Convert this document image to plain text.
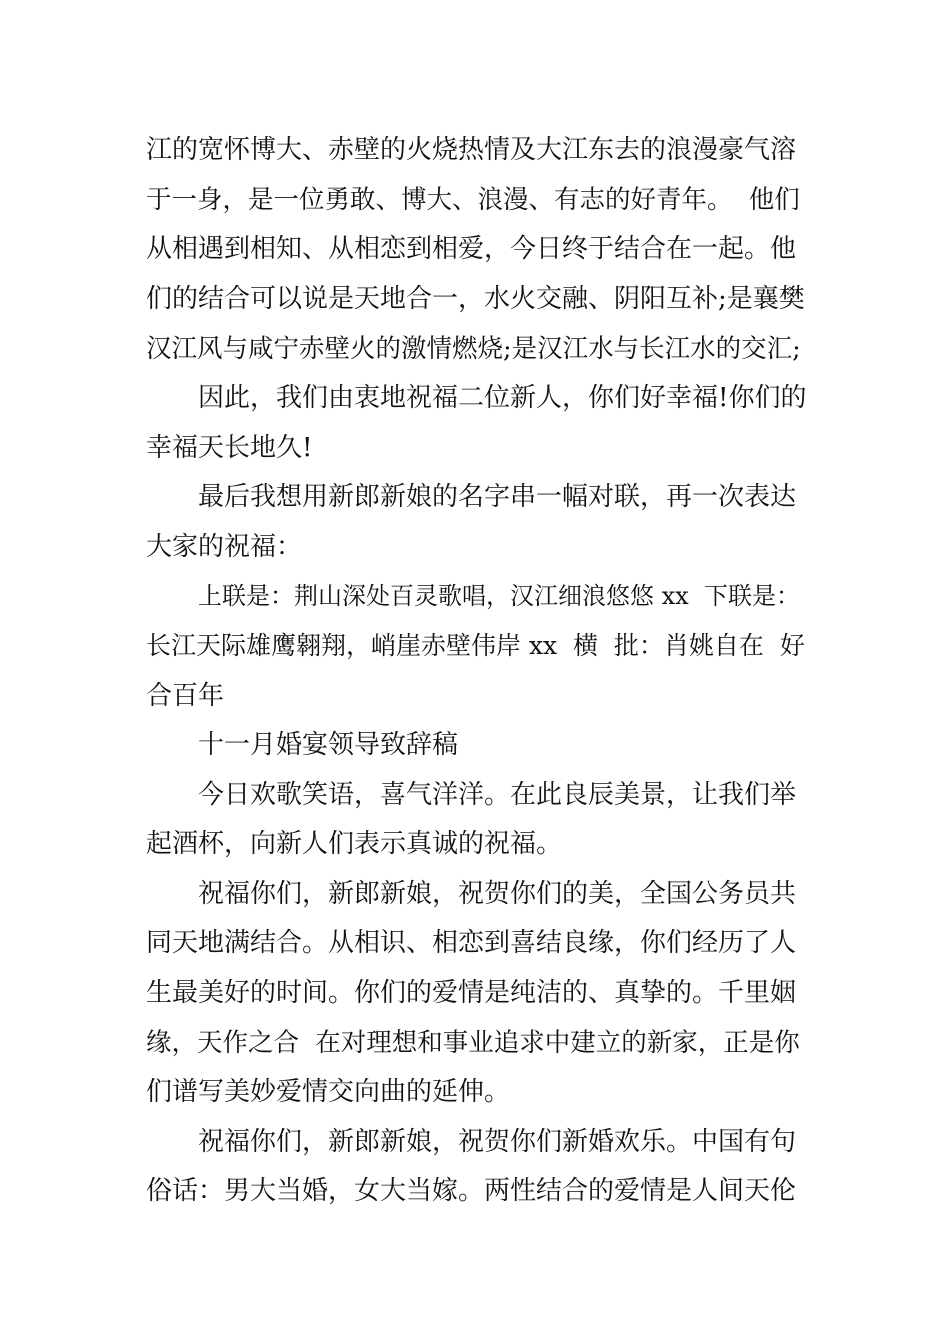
江的宽怀博大、赤壁的火烧热情及大江东去的浪漫豪气溶
于一身，是一位勇敢、博大、浪漫、有志的好青年。  他们
从相遇到相知、从相恋到相爱，今日终于结合在一起。他
们的结合可以说是天地合一，水火交融、阴阳互补;是襄樊
汉江风与咸宁赤壁火的激情燃烧;是汉江水与长江水的交汇;
因此，我们由衷地祝福二位新人，你们好幸福!你们的
幸福天长地久!
最后我想用新郎新娘的名字串一幅对联，再一次表达
大家的祝福：
上联是：荆山深处百灵歌唱，汉江细浪悠悠 xx  下联是：
长江天际雄鹰翱翔，峭崖赤壁伟岸 xx  横  批：肖姚自在  好
合百年
十一月婚宴领导致辞稿
今日欢歌笑语，喜气洋洋。在此良辰美景，让我们举
起酒杯，向新人们表示真诚的祝福。
祝福你们，新郎新娘，祝贺你们的美，全国公务员共
同天地满结合。从相识、相恋到喜结良缘，你们经历了人
生最美好的时间。你们的爱情是纯洁的、真挚的。千里姻
缘，天作之合  在对理想和事业追求中建立的新家，正是你
们谱写美妙爱情交向曲的延伸。
祝福你们，新郎新娘，祝贺你们新婚欢乐。中国有句
俗话：男大当婚，女大当嫁。两性结合的爱情是人间天伦
